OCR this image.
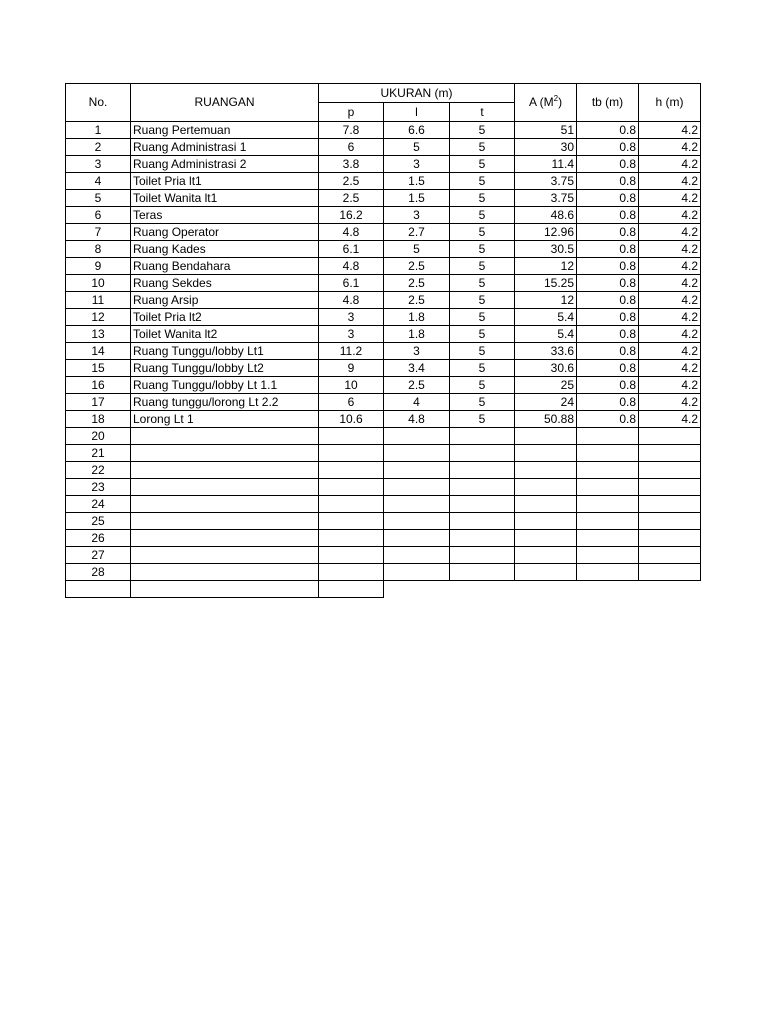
No.	RUANGAN	UKURAN (m)			A $(M^2)$	tb (m)	h (m)
		p	l	t			
1	Ruang Pertemuan	7.8	6.6	5	51	0.8	4.2
2	Ruang Administrasi 1	6	5	5	30	0.8	4.2
3	Ruang Administrasi 2	3.8	3	5	11.4	0.8	4.2
4	Toilet Pria lt1	2.5	1.5	5	3.75	0.8	4.2
5	Toilet Wanita lt1	2.5	1.5	5	3.75	0.8	4.2
6	Teras	16.2	3	5	48.6	0.8	4.2
7	Ruang Operator	4.8	2.7	5	12.96	0.8	4.2
8	Ruang Kades	6.1	5	5	30.5	0.8	4.2
9	Ruang Bendahara	4.8	2.5	5	12	0.8	4.2
10	Ruang Sekdes	6.1	2.5	5	15.25	0.8	4.2
11	Ruang Arsip	4.8	2.5	5	12	0.8	4.2
12	Toilet Pria lt2	3	1.8	5	5.4	0.8	4.2
13	Toilet Wanita lt2	3	1.8	5	5.4	0.8	4.2
14	Ruang Tunggu/lobby Lt1	11.2	3	5	33.6	0.8	4.2
15	Ruang Tunggu/lobby Lt2	9	3.4	5	30.6	0.8	4.2
16	Ruang Tunggu/lobby Lt 1.1	10	2.5	5	25	0.8	4.2
17	Ruang tunggu/lorong Lt 2.2	6	4	5	24	0.8	4.2
18	Lorong Lt 1	10.6	4.8	5	50.88	0.8	4.2
20							
21							
22							
23							
24							
25							
26							
27							
28							
